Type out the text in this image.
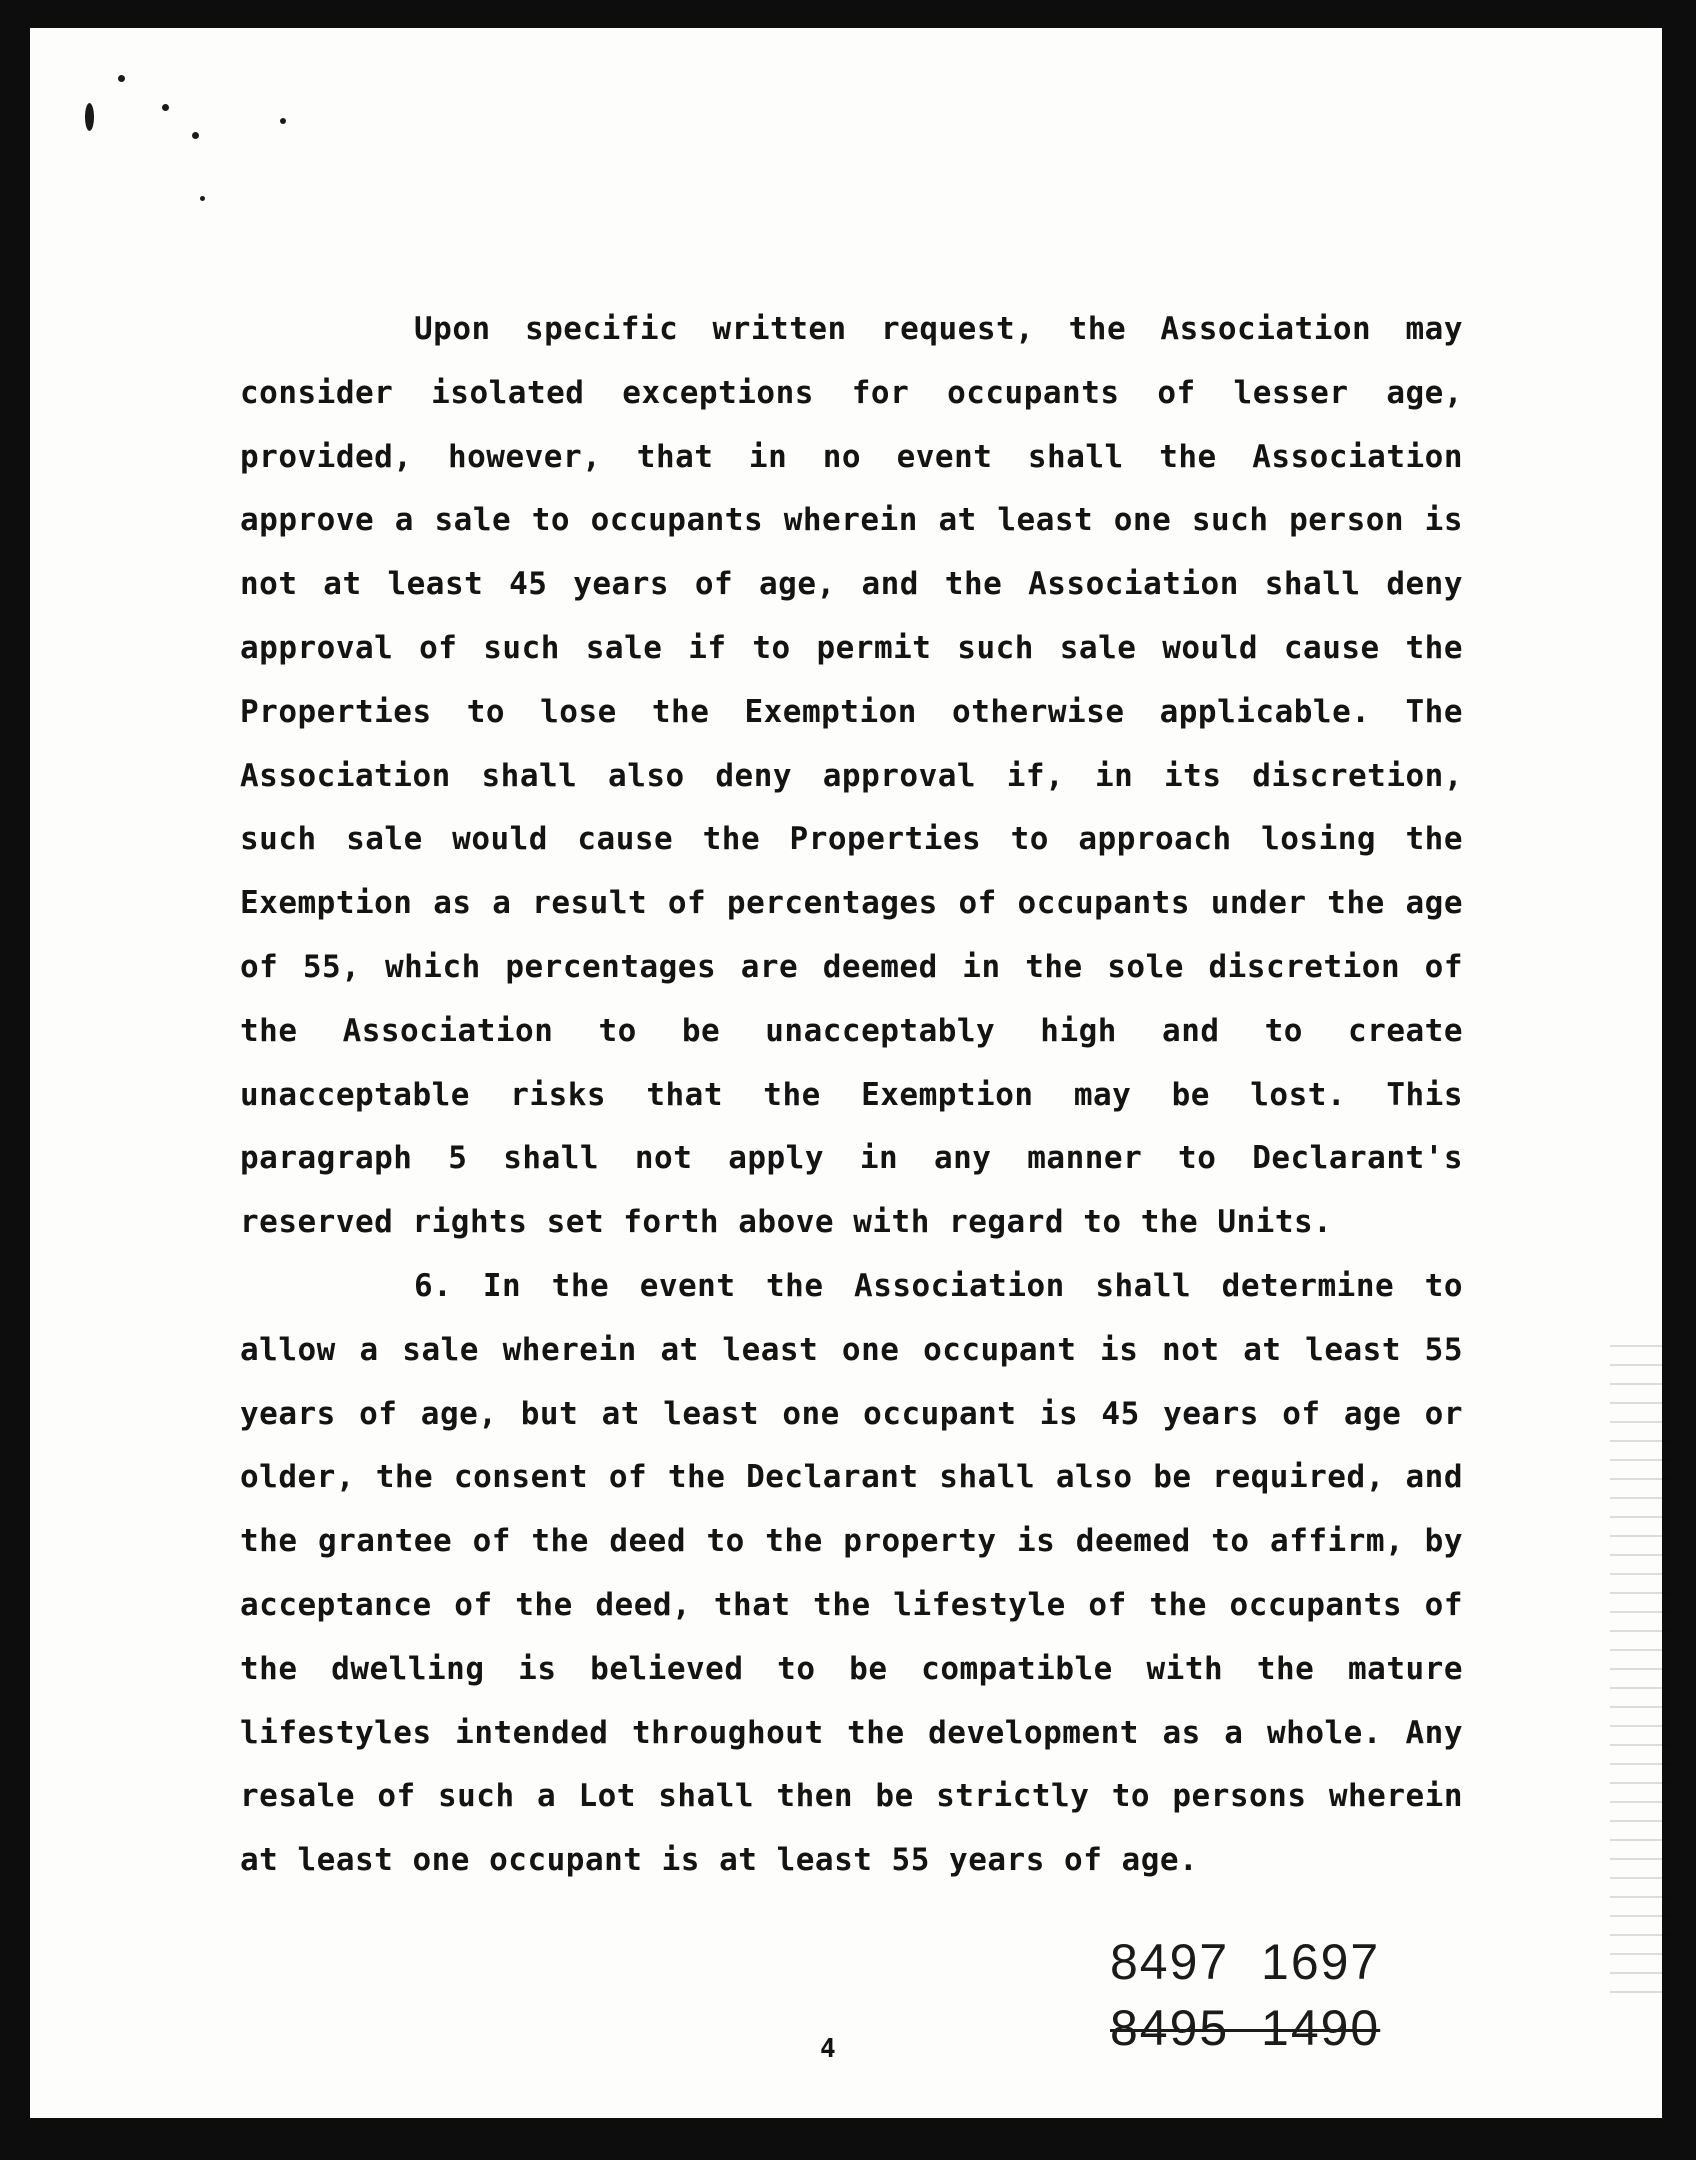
Upon specific written request, the Association may consider isolated exceptions for occupants of lesser age, provided, however, that in no event shall the Association approve a sale to occupants wherein at least one such person is not at least 45 years of age, and the Association shall deny approval of such sale if to permit such sale would cause the Properties to lose the Exemption otherwise applicable. The Association shall also deny approval if, in its discretion, such sale would cause the Properties to approach losing the Exemption as a result of percentages of occupants under the age of 55, which percentages are deemed in the sole discretion of the Association to be unacceptably high and to create unacceptable risks that the Exemption may be lost. This paragraph 5 shall not apply in any manner to Declarant's reserved rights set forth above with regard to the Units.

6. In the event the Association shall determine to allow a sale wherein at least one occupant is not at least 55 years of age, but at least one occupant is 45 years of age or older, the consent of the Declarant shall also be required, and the grantee of the deed to the property is deemed to affirm, by acceptance of the deed, that the lifestyle of the occupants of the dwelling is believed to be compatible with the mature lifestyles intended throughout the development as a whole. Any resale of such a Lot shall then be strictly to persons wherein at least one occupant is at least 55 years of age.

8497  1697
8495  1490
4
